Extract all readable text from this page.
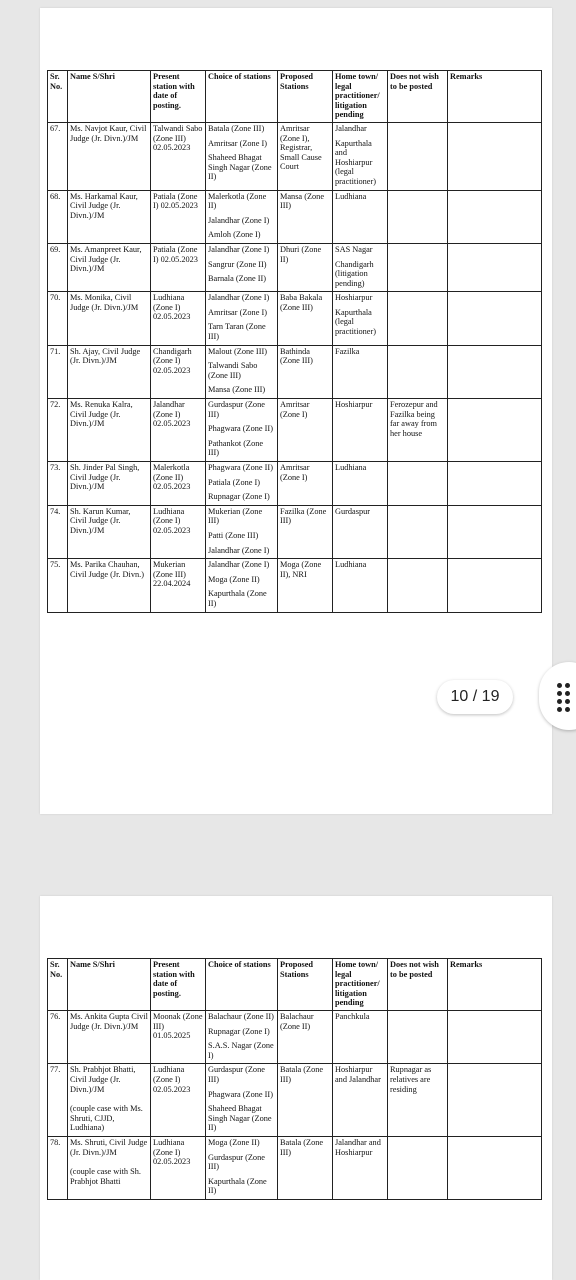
Sr. No.	Name S/Shri	Present station with date of posting.	Choice of stations	Proposed Stations	Home town/ legal practitioner/ litigation pending	Does not wish to be posted	Remarks
67.	Ms. Navjot Kaur, Civil Judge (Jr. Divn.)/JM	Talwandi Sabo (Zone III) 02.05.2023	Batala (Zone III)
Amritsar (Zone I)
Shaheed Bhagat Singh Nagar (Zone II)	Amritsar (Zone I), Registrar, Small Cause Court	Jalandhar
Kapurthala and Hoshiarpur (legal practitioner)		

68.	Ms. Harkamal Kaur, Civil Judge (Jr. Divn.)/JM	Patiala (Zone I) 02.05.2023	Malerkotla (Zone II)
Jalandhar (Zone I)
Amloh (Zone I)	Mansa (Zone III)	Ludhiana		

69.	Ms. Amanpreet Kaur, Civil Judge (Jr. Divn.)/JM	Patiala (Zone I) 02.05.2023	Jalandhar (Zone I)
Sangrur (Zone II)
Barnala (Zone II)	Dhuri (Zone II)	SAS Nagar
Chandigarh (litigation pending)		

70.	Ms. Monika, Civil Judge (Jr. Divn.)/JM	Ludhiana (Zone I) 02.05.2023	Jalandhar (Zone I)
Amritsar (Zone I)
Tarn Taran (Zone III)	Baba Bakala (Zone III)	Hoshiarpur
Kapurthala (legal practitioner)		

71.	Sh. Ajay, Civil Judge (Jr. Divn.)/JM	Chandigarh (Zone I) 02.05.2023	Malout (Zone III)
Talwandi Sabo (Zone III)
Mansa (Zone III)	Bathinda (Zone III)	Fazilka		

72.	Ms. Renuka Kalra, Civil Judge (Jr. Divn.)/JM	Jalandhar (Zone I) 02.05.2023	Gurdaspur (Zone III)
Phagwara (Zone II)
Pathankot (Zone III)	Amritsar (Zone I)	Hoshiarpur	Ferozepur and Fazilka being far away from her house	
73.	Sh. Jinder Pal Singh, Civil Judge (Jr. Divn.)/JM	Malerkotla (Zone II) 02.05.2023	Phagwara (Zone II)
Patiala (Zone I)
Rupnagar (Zone I)	Amritsar (Zone I)	Ludhiana		

74.	Sh. Karun Kumar, Civil Judge (Jr. Divn.)/JM	Ludhiana (Zone I) 02.05.2023	Mukerian (Zone III)
Patti (Zone III)
Jalandhar (Zone I)	Fazilka (Zone III)	Gurdaspur		

75.	Ms. Parika Chauhan, Civil Judge (Jr. Divn.)	Mukerian (Zone III) 22.04.2024	Jalandhar (Zone I)
Moga (Zone II)
Kapurthala (Zone II)	Moga (Zone II), NRI	Ludhiana		

Sr. No.	Name S/Shri	Present station with date of posting.	Choice of stations	Proposed Stations	Home town/ legal practitioner/ litigation pending	Does not wish to be posted	Remarks
76.	Ms. Ankita Gupta Civil Judge (Jr. Divn.)/JM	Moonak (Zone III) 01.05.2025	Balachaur (Zone II)
Rupnagar (Zone I)
S.A.S. Nagar (Zone I)	Balachaur (Zone II)	Panchkula		

77.	Sh. Prabhjot Bhatti, Civil Judge (Jr. Divn.)/JM
(couple case with Ms. Shruti, CJJD, Ludhiana)	Ludhiana (Zone I) 02.05.2023	Gurdaspur (Zone III)
Phagwara (Zone II)
Shaheed Bhagat Singh Nagar (Zone II)	Batala (Zone III)	Hoshiarpur and Jalandhar	Rupnagar as relatives are residing	
78.	Ms. Shruti, Civil Judge (Jr. Divn.)/JM
(couple case with Sh. Prabhjot Bhatti	Ludhiana (Zone I) 02.05.2023	Moga (Zone II)
Gurdaspur (Zone III)
Kapurthala (Zone II)	Batala (Zone III)	Jalandhar and Hoshiarpur		

10 / 19
